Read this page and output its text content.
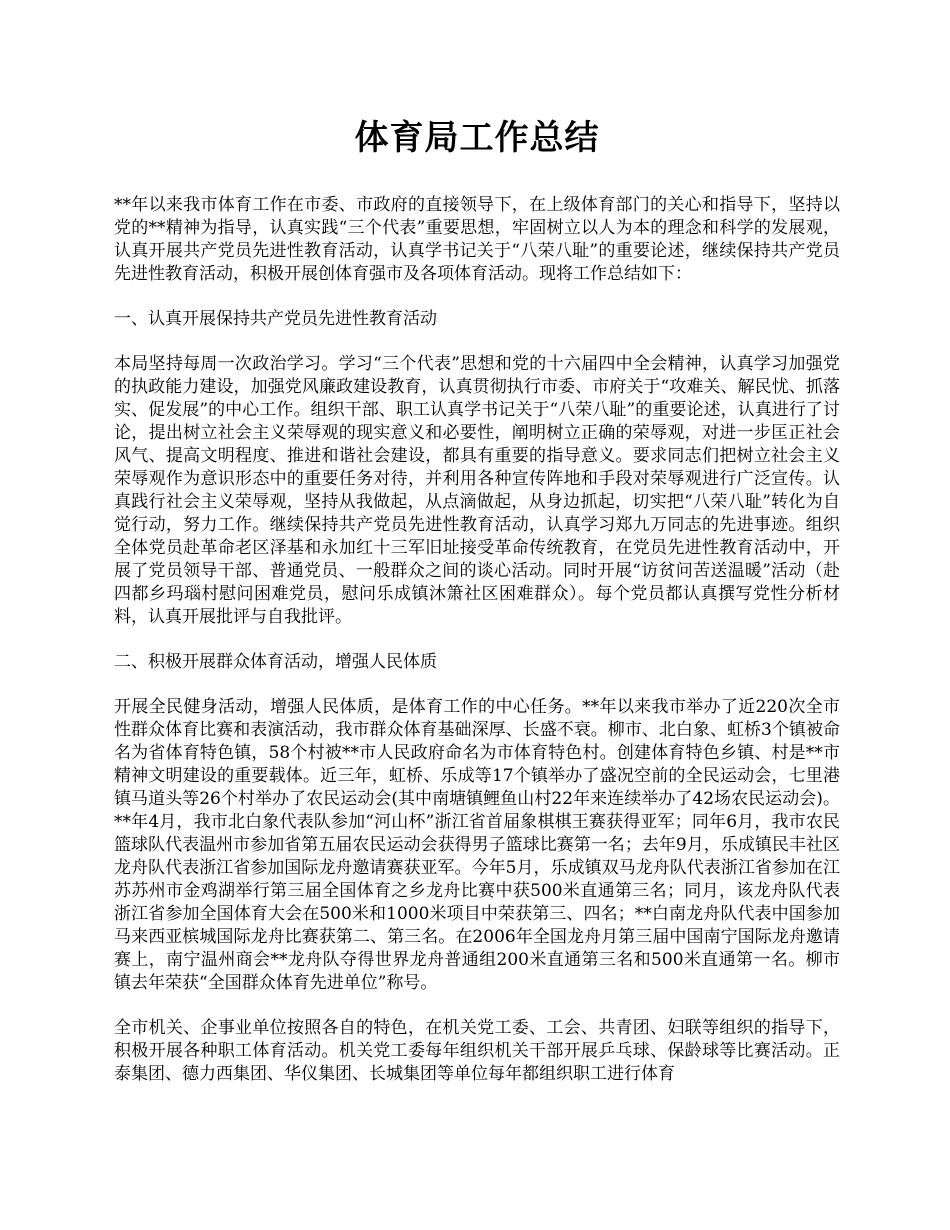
体育局工作总结

**年以来我市体育工作在市委、市政府的直接领导下，在上级体育部门的关心和指导下，坚持以党的**精神为指导，认真实践“三个代表”重要思想，牢固树立以人为本的理念和科学的发展观，认真开展共产党员先进性教育活动，认真学书记关于“八荣八耻”的重要论述，继续保持共产党员先进性教育活动，积极开展创体育强市及各项体育活动。现将工作总结如下：

一、认真开展保持共产党员先进性教育活动

本局坚持每周一次政治学习。学习“三个代表”思想和党的十六届四中全会精神，认真学习加强党的执政能力建设，加强党风廉政建设教育，认真贯彻执行市委、市府关于“攻难关、解民忧、抓落实、促发展”的中心工作。组织干部、职工认真学书记关于“八荣八耻”的重要论述，认真进行了讨论，提出树立社会主义荣辱观的现实意义和必要性，阐明树立正确的荣辱观，对进一步匡正社会风气、提高文明程度、推进和谐社会建设，都具有重要的指导意义。要求同志们把树立社会主义荣辱观作为意识形态中的重要任务对待，并利用各种宣传阵地和手段对荣辱观进行广泛宣传。认真践行社会主义荣辱观，坚持从我做起，从点滴做起，从身边抓起，切实把“八荣八耻”转化为自觉行动，努力工作。继续保持共产党员先进性教育活动，认真学习郑九万同志的先进事迹。组织全体党员赴革命老区泽基和永加红十三军旧址接受革命传统教育，在党员先进性教育活动中，开展了党员领导干部、普通党员、一般群众之间的谈心活动。同时开展“访贫问苦送温暖”活动（赴四都乡玛瑙村慰问困难党员，慰问乐成镇沐箫社区困难群众）。每个党员都认真撰写党性分析材料，认真开展批评与自我批评。

二、积极开展群众体育活动，增强人民体质

开展全民健身活动，增强人民体质，是体育工作的中心任务。**年以来我市举办了近220次全市性群众体育比赛和表演活动，我市群众体育基础深厚、长盛不衰。柳市、北白象、虹桥3个镇被命名为省体育特色镇，58个村被**市人民政府命名为市体育特色村。创建体育特色乡镇、村是**市精神文明建设的重要载体。近三年，虹桥、乐成等17个镇举办了盛况空前的全民运动会，七里港镇马道头等26个村举办了农民运动会(其中南塘镇鲤鱼山村22年来连续举办了42场农民运动会)。**年4月，我市北白象代表队参加“河山杯”浙江省首届象棋棋王赛获得亚军；同年6月，我市农民篮球队代表温州市参加省第五届农民运动会获得男子篮球比赛第一名；去年9月，乐成镇民丰社区龙舟队代表浙江省参加国际龙舟邀请赛获亚军。今年5月，乐成镇双马龙舟队代表浙江省参加在江苏苏州市金鸡湖举行第三届全国体育之乡龙舟比赛中获500米直通第三名；同月，该龙舟队代表浙江省参加全国体育大会在500米和1000米项目中荣获第三、四名；**白南龙舟队代表中国参加马来西亚槟城国际龙舟比赛获第二、第三名。在2006年全国龙舟月第三届中国南宁国际龙舟邀请赛上，南宁温州商会**龙舟队夺得世界龙舟普通组200米直通第三名和500米直通第一名。柳市镇去年荣获“全国群众体育先进单位”称号。

全市机关、企事业单位按照各自的特色，在机关党工委、工会、共青团、妇联等组织的指导下，积极开展各种职工体育活动。机关党工委每年组织机关干部开展乒乓球、保龄球等比赛活动。正泰集团、德力西集团、华仪集团、长城集团等单位每年都组织职工进行体育
